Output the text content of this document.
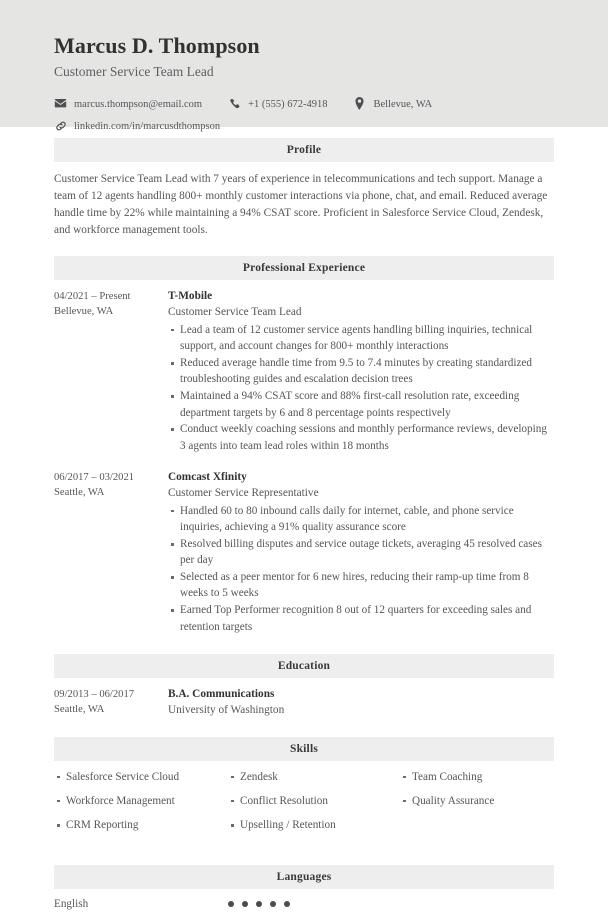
Marcus D. Thompson
Customer Service Team Lead
marcus.thompson@email.com	+1 (555) 672-4918	Bellevue, WA
linkedin.com/in/marcusdthompson
Profile

Customer Service Team Lead with 7 years of experience in telecommunications and tech support. Manage a team of 12 agents handling 800+ monthly customer interactions via phone, chat, and email. Reduced average handle time by 22% while maintaining a 94% CSAT score. Proficient in Salesforce Service Cloud, Zendesk, and workforce management tools.

Professional Experience
04/2021 – Present
Bellevue, WA
T-Mobile
Customer Service Team Lead
Lead a team of 12 customer service agents handling billing inquiries, technical support, and account changes for 800+ monthly interactions
Reduced average handle time from 9.5 to 7.4 minutes by creating standardized troubleshooting guides and escalation decision trees
Maintained a 94% CSAT score and 88% first-call resolution rate, exceeding department targets by 6 and 8 percentage points respectively
Conduct weekly coaching sessions and monthly performance reviews, developing 3 agents into team lead roles within 18 months
06/2017 – 03/2021
Seattle, WA
Comcast Xfinity
Customer Service Representative
Handled 60 to 80 inbound calls daily for internet, cable, and phone service inquiries, achieving a 91% quality assurance score
Resolved billing disputes and service outage tickets, averaging 45 resolved cases per day
Selected as a peer mentor for 6 new hires, reducing their ramp-up time from 8 weeks to 5 weeks
Earned Top Performer recognition 8 out of 12 quarters for exceeding sales and retention targets
Education
09/2013 – 06/2017
Seattle, WA
B.A. Communications
University of Washington
Skills
Salesforce Service Cloud
Workforce Management
CRM Reporting
Zendesk
Conflict Resolution
Upselling / Retention
Team Coaching
Quality Assurance
Languages
English
